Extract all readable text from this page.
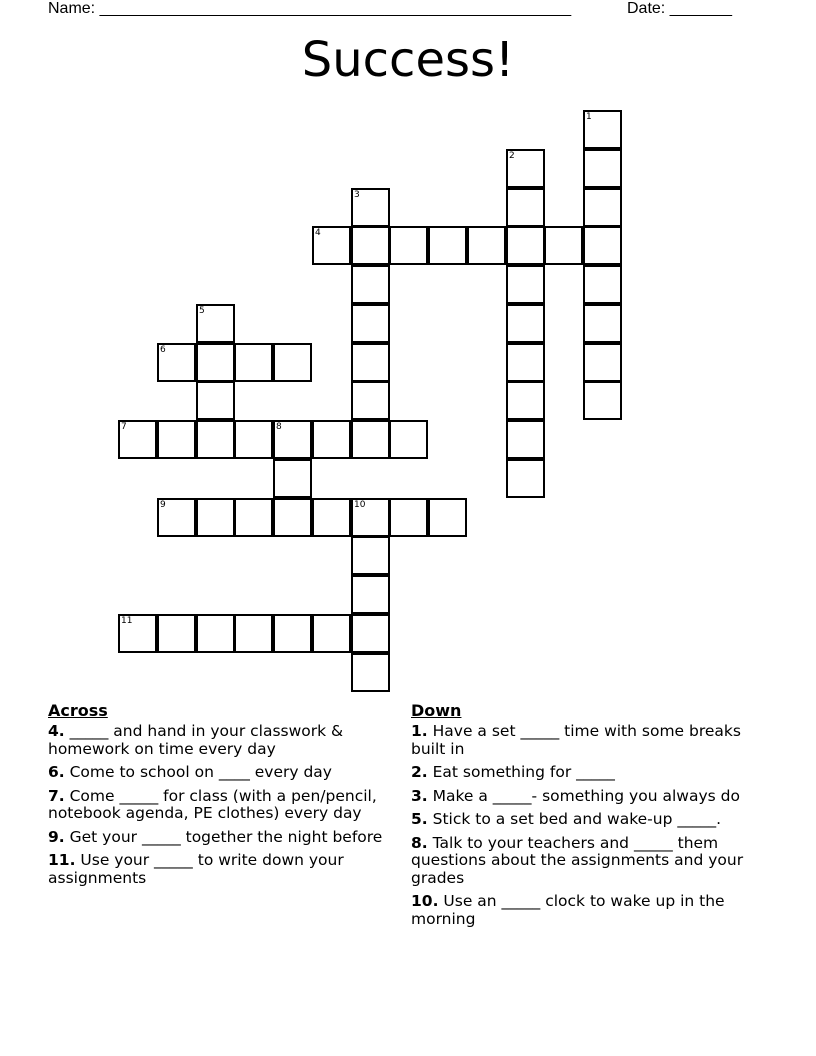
Name: _____________________________________________________	Date: _______
Success!
1
2
3
4
5
6
7	8
9	10
11
Across
4. _____ and hand in your classwork & homework on time every day
6. Come to school on ____ every day
7. Come _____ for class (with a pen/pencil, notebook agenda, PE clothes) every day
9. Get your _____ together the night before
11. Use your _____ to write down your assignments
Down
1. Have a set _____ time with some breaks built in
2. Eat something for _____
3. Make a _____- something you always do
5. Stick to a set bed and wake-up _____.
8. Talk to your teachers and _____ them questions about the assignments and your grades
10. Use an _____ clock to wake up in the morning
